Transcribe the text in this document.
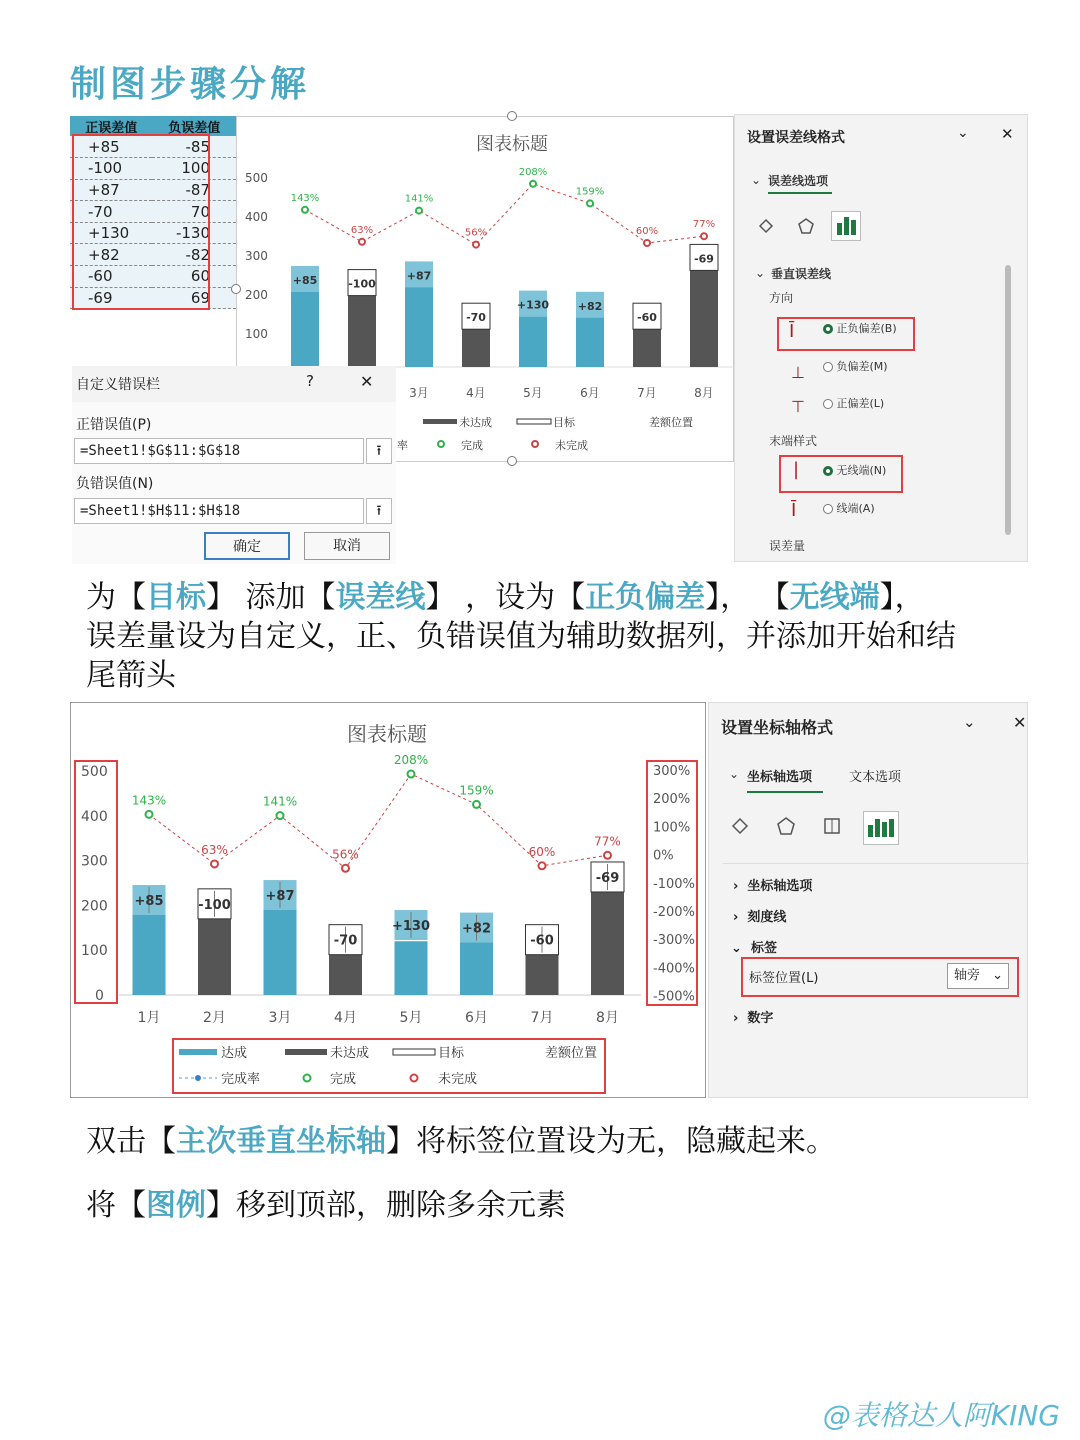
制图步骤分解
正误差值	负误差值
+85	-85
-100	100
+87	-87
-70	70
+130	-130
+82	-82
-60	60
-69	69
图表标题
500
400
300
200
100
+85	-100
+87
-70
+130	+82
-60
-69
143%
63%
141%
56%
208%
159%
60%
77%
3月	4月	5月	6月	7月	8月
未达成	目标	差额位置
率	完成	未完成
设置误差线格式	⌄ ✕
⌄ 误差线选项
⌄ 垂直误差线
方向
Ī	正负偏差(B)
⊥	负偏差(M)
⊤	正偏差(L)
末端样式
|	无线端(N)
Ī	线端(A)
误差量
自定义错误栏	?	✕
正错误值(P)
=Sheet1!$G$11:$G$18	⭱
负错误值(N)
=Sheet1!$H$11:$H$18	⭱
确定	取消
为【目标】 添加【误差线】 ，设为【正负偏差】， 【无线端】，
误差量设为自定义，正、负错误值为辅助数据列，并添加开始和结
尾箭头
图表标题
500
400
300
200
100
0
300%
200%
100%
0%
-100%
-200%
-300%
-400%
-500%
+85	-100
+87
-70
+130 +82
-60
-69
143%
63%
141%
56%
208%
159%
60%
77%
1月	2月	3月	4月	5月	6月	7月	8月
达成	未达成	目标	差额位置
完成率	完成	未完成
设置坐标轴格式	⌄ ✕
⌄ 坐标轴选项	文本选项
›  坐标轴选项
›  刻度线
⌄  标签
标签位置(L)	轴旁 ⌄
›  数字
双击【主次垂直坐标轴】将标签位置设为无，隐藏起来。
将【图例】移到顶部，删除多余元素
@表格达人阿KING
